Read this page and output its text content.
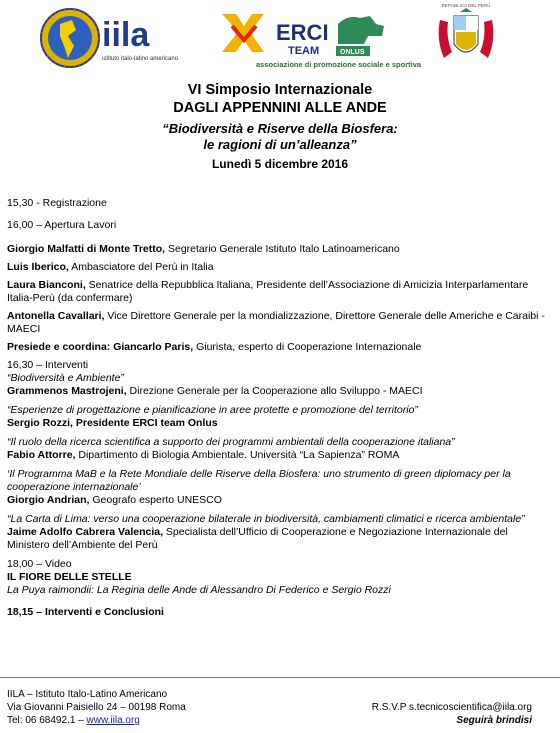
iila
istituto italo-latino americano
ERCI
TEAM	ONLUS
associazione di promozione sociale e sportiva
REPUBLICA DEL PERÚ
VI Simposio Internazionale
DAGLI APPENNINI ALLE ANDE
“Biodiversità e Riserve della Biosfera:
le ragioni di un’alleanza”
Lunedì 5 dicembre 2016

15,30 - Registrazione

16,00 – Apertura Lavori

Giorgio Malfatti di Monte Tretto, Segretario Generale Istituto Italo Latinoamericano

Luis Iberico, Ambasciatore del Perù in Italia

Laura Bianconi, Senatrice della Repubblica Italiana, Presidente dell’Associazione di Amicizia Interparlamentare Italia-Perù (da confermare)

Antonella Cavallari, Vice Direttore Generale per la mondializzazione, Direttore Generale delle Americhe e Caraibi - MAECI

Presiede e coordina: Giancarlo Paris, Giurista, esperto di Cooperazione Internazionale

16,30 – Interventi

“Biodiversità e Ambiente”

Grammenos Mastrojeni, Direzione Generale per la Cooperazione allo Sviluppo - MAECI

“Esperienze di progettazione e pianificazione in aree protette e promozione del territorio”

Sergio Rozzi, Presidente ERCI team Onlus

“Il ruolo della ricerca scientifica a supporto dei programmi ambientali della cooperazione italiana”

Fabio Attorre, Dipartimento di Biologia Ambientale. Università “La Sapienza” ROMA

‘Il Programma MaB e la Rete Mondiale delle Riserve della Biosfera: uno strumento di green diplomacy per la cooperazione internazionale’

Giorgio Andrian, Geografo esperto UNESCO

“La Carta di Lima: verso una cooperazione bilaterale in biodiversità, cambiamenti climatici e ricerca ambientale”

Jaime Adolfo Cabrera Valencia, Specialista dell’Ufficio di Cooperazione e Negoziazione Internazionale del Ministero dell’Ambiente del Perù

18,00 – Video

IL FIORE DELLE STELLE

La Puya raimondii: La Regina delle Ande di Alessandro Di Federico e Sergio Rozzi

18,15 – Interventi e Conclusioni

IILA – Istituto Italo-Latino Americano
Via Giovanni Paisiello 24 – 00198 Roma
Tel: 06 68492.1 – www.iila.org
R.S.V.P s.tecnicoscientifica@iila.org
Seguirà brindisi
